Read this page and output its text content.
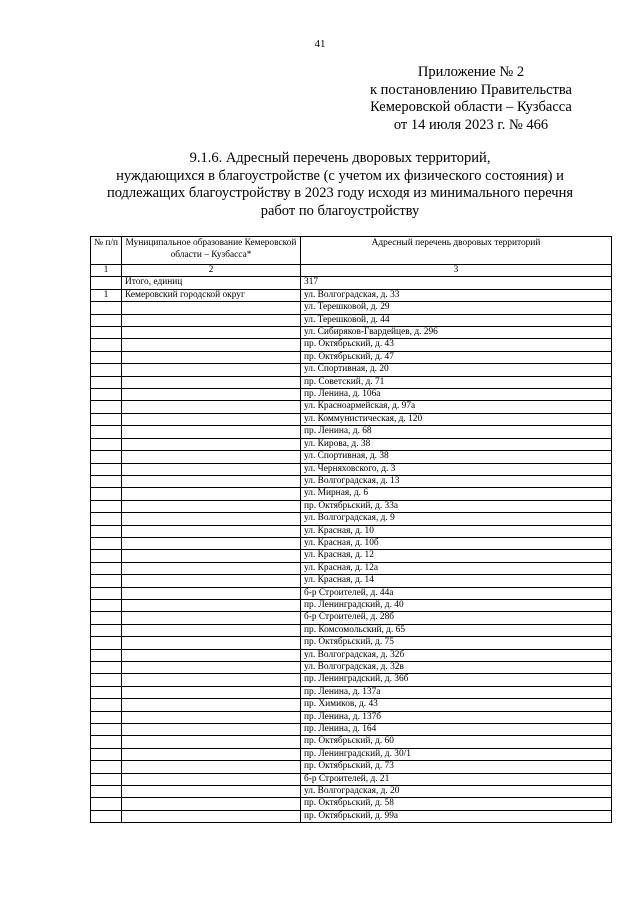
41
Приложение № 2
к постановлению Правительства
Кемеровской области – Кузбасса
от 14 июля 2023 г. № 466
9.1.6. Адресный перечень дворовых территорий,
нуждающихся в благоустройстве (с учетом их физического состояния) и
подлежащих благоустройству в 2023 году исходя из минимального перечня
работ по благоустройству
№ п/п	Муниципальное образование Кемеровской области – Кузбасса*	Адресный перечень дворовых территорий
1	2	3
	Итого, единиц	317
1	Кемеровский городской округ	ул. Волгоградская, д. 33
		ул. Терешковой, д. 29
		ул. Терешковой, д. 44
		ул. Сибиряков-Гвардейцев, д. 296
		пр. Октябрьский, д. 43
		пр. Октябрьский, д. 47
		ул. Спортивная, д. 20
		пр. Советский, д. 71
		пр. Ленина, д. 106а
		ул. Красноармейская, д. 97а
		ул. Коммунистическая, д. 120
		пр. Ленина, д. 68
		ул. Кирова, д. 38
		ул. Спортивная, д. 38
		ул. Черняховского, д. 3
		ул. Волгоградская, д. 13
		ул. Мирная, д. 6
		пр. Октябрьский, д. 33а
		ул. Волгоградская, д. 9
		ул. Красная, д. 10
		ул. Красная, д. 10б
		ул. Красная, д. 12
		ул. Красная, д. 12а
		ул. Красная, д. 14
		б-р Строителей, д. 44а
		пр. Ленинградский, д. 40
		б-р Строителей, д. 28б
		пр. Комсомольский, д. 65
		пр. Октябрьский, д. 75
		ул. Волгоградская, д. 32б
		ул. Волгоградская, д. 32в
		пр. Ленинградский, д. 36б
		пр. Ленина, д. 137а
		пр. Химиков, д. 43
		пр. Ленина, д. 137б
		пр. Ленина, д. 164
		пр. Октябрьский, д. 60
		пр. Ленинградский, д. 30/1
		пр. Октябрьский, д. 73
		б-р Строителей, д. 21
		ул. Волгоградская, д. 20
		пр. Октябрьский, д. 58
		пр. Октябрьский, д. 99а
